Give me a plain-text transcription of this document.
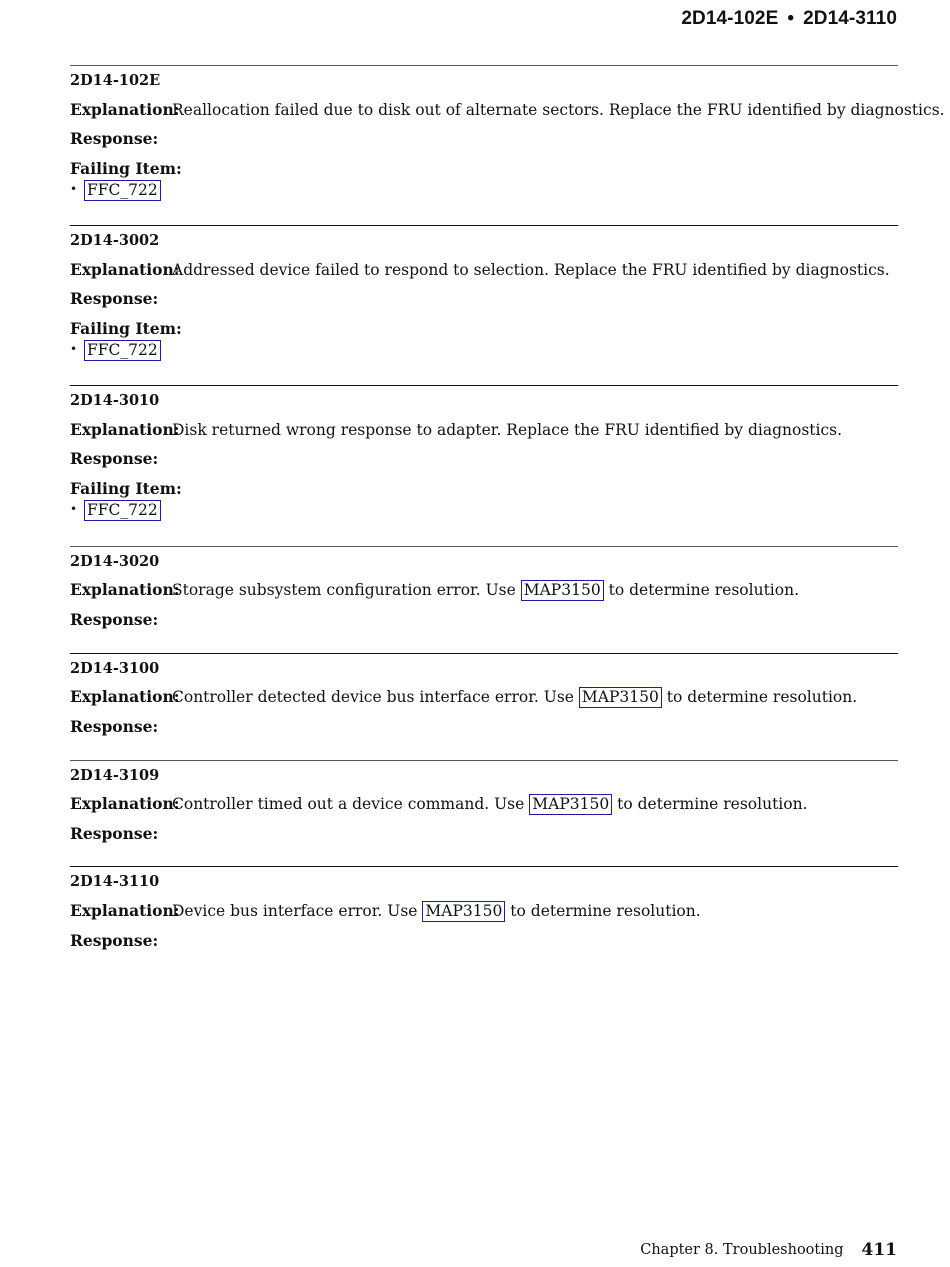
2D14-102E • 2D14-3110
2D14-102E
Explanation:Reallocation failed due to disk out of alternate sectors. Replace the FRU identified by diagnostics.
Response:
Failing Item:
• FFC_722
2D14-3002
Explanation:Addressed device failed to respond to selection. Replace the FRU identified by diagnostics.
Response:
Failing Item:
• FFC_722
2D14-3010
Explanation:Disk returned wrong response to adapter. Replace the FRU identified by diagnostics.
Response:
Failing Item:
• FFC_722
2D14-3020
Explanation:Storage subsystem configuration error. Use MAP3150 to determine resolution.
Response:
2D14-3100
Explanation:Controller detected device bus interface error. Use MAP3150 to determine resolution.
Response:
2D14-3109
Explanation:Controller timed out a device command. Use MAP3150 to determine resolution.
Response:
2D14-3110
Explanation:Device bus interface error. Use MAP3150 to determine resolution.
Response:
Chapter 8. Troubleshooting 411
